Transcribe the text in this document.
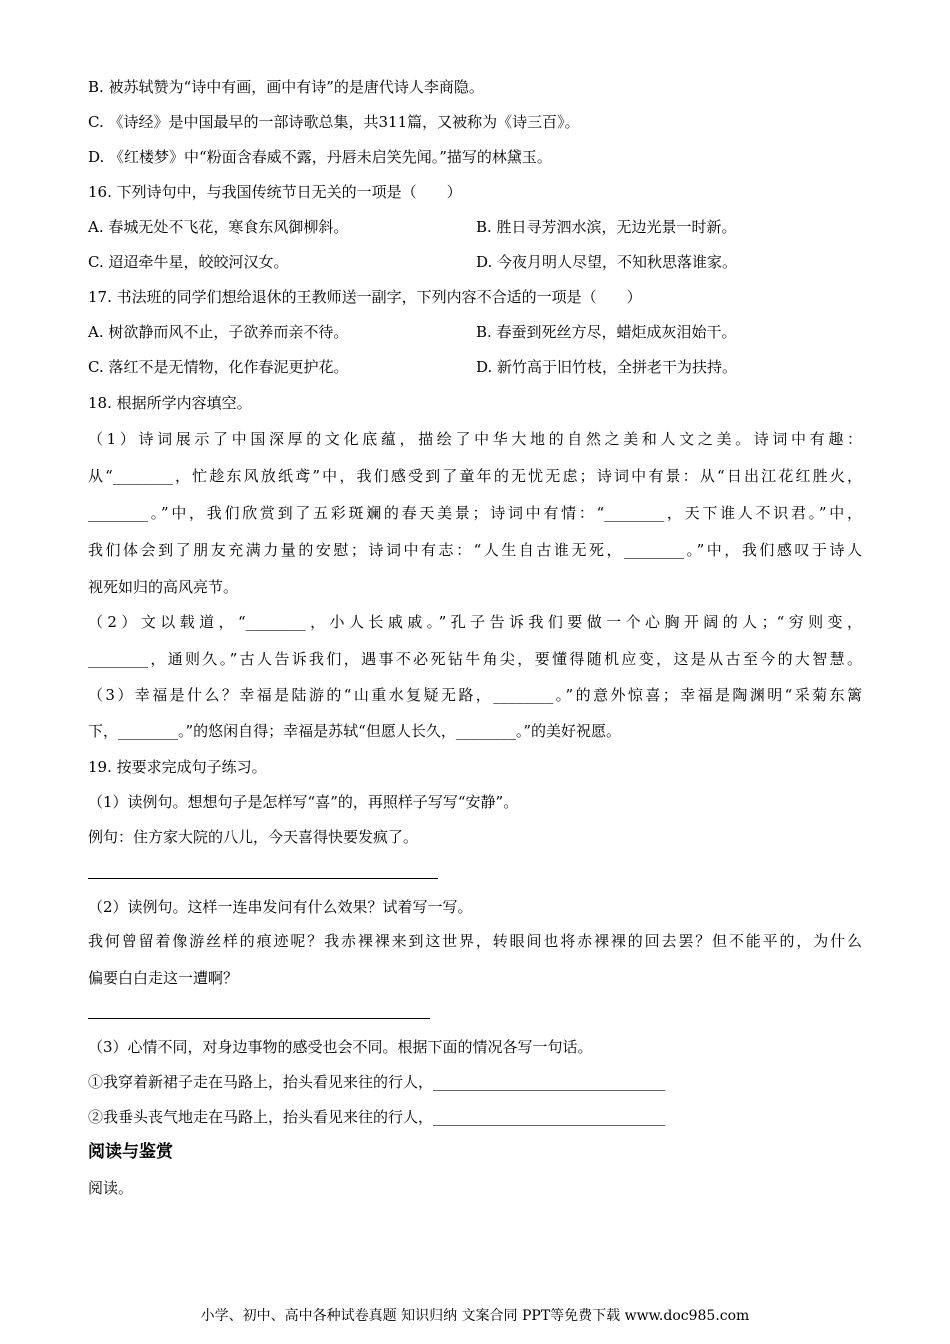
B. 被苏轼赞为“诗中有画，画中有诗”的是唐代诗人李商隐。
C. 《诗经》是中国最早的一部诗歌总集，共311篇，又被称为《诗三百》。
D. 《红楼梦》中“粉面含春威不露，丹唇未启笑先闻。”描写的林黛玉。
16. 下列诗句中，与我国传统节日无关的一项是（　　）
A. 春城无处不飞花，寒食东风御柳斜。	B. 胜日寻芳泗水滨，无边光景一时新。
C. 迢迢牵牛星，皎皎河汉女。	D. 今夜月明人尽望，不知秋思落谁家。
17. 书法班的同学们想给退休的王教师送一副字，下列内容不合适的一项是（　　）
A. 树欲静而风不止，子欲养而亲不待。	B. 春蚕到死丝方尽，蜡炬成灰泪始干。
C. 落红不是无情物，化作春泥更护花。	D. 新竹高于旧竹枝，全拼老干为扶持。
18. 根据所学内容填空。
（1）诗词展示了中国深厚的文化底蕴，描绘了中华大地的自然之美和人文之美。诗词中有趣：
从“________，忙趁东风放纸鸢”中，我们感受到了童年的无忧无虑；诗词中有景：从“日出江花红胜火，
________。”中，我们欣赏到了五彩斑斓的春天美景；诗词中有情：“________，天下谁人不识君。”中，
我们体会到了朋友充满力量的安慰；诗词中有志：“人生自古谁无死，________。”中，我们感叹于诗人
视死如归的高风亮节。
（2）文以载道，“________，小人长戚戚。”孔子告诉我们要做一个心胸开阔的人；“穷则变，
________，通则久。”古人告诉我们，遇事不必死钻牛角尖，要懂得随机应变，这是从古至今的大智慧。
（3）幸福是什么？幸福是陆游的“山重水复疑无路，________。”的意外惊喜；幸福是陶渊明“采菊东篱
下，________。”的悠闲自得；幸福是苏轼“但愿人长久，________。”的美好祝愿。
19. 按要求完成句子练习。
（1）读例句。想想句子是怎样写“喜”的，再照样子写写“安静”。
例句：住方家大院的八儿，今天喜得快要发疯了。
（2）读例句。这样一连串发问有什么效果？试着写一写。
我何曾留着像游丝样的痕迹呢？我赤裸裸来到这世界，转眼间也将赤裸裸的回去罢？但不能平的，为什么
偏要白白走这一遭啊？
（3）心情不同，对身边事物的感受也会不同。根据下面的情况各写一句话。
①我穿着新裙子走在马路上，抬头看见来往的行人，_______________________________
②我垂头丧气地走在马路上，抬头看见来往的行人，_______________________________
阅读与鉴赏
阅读。
小学、初中、高中各种试卷真题 知识归纳 文案合同 PPT等免费下载 www.doc985.com
